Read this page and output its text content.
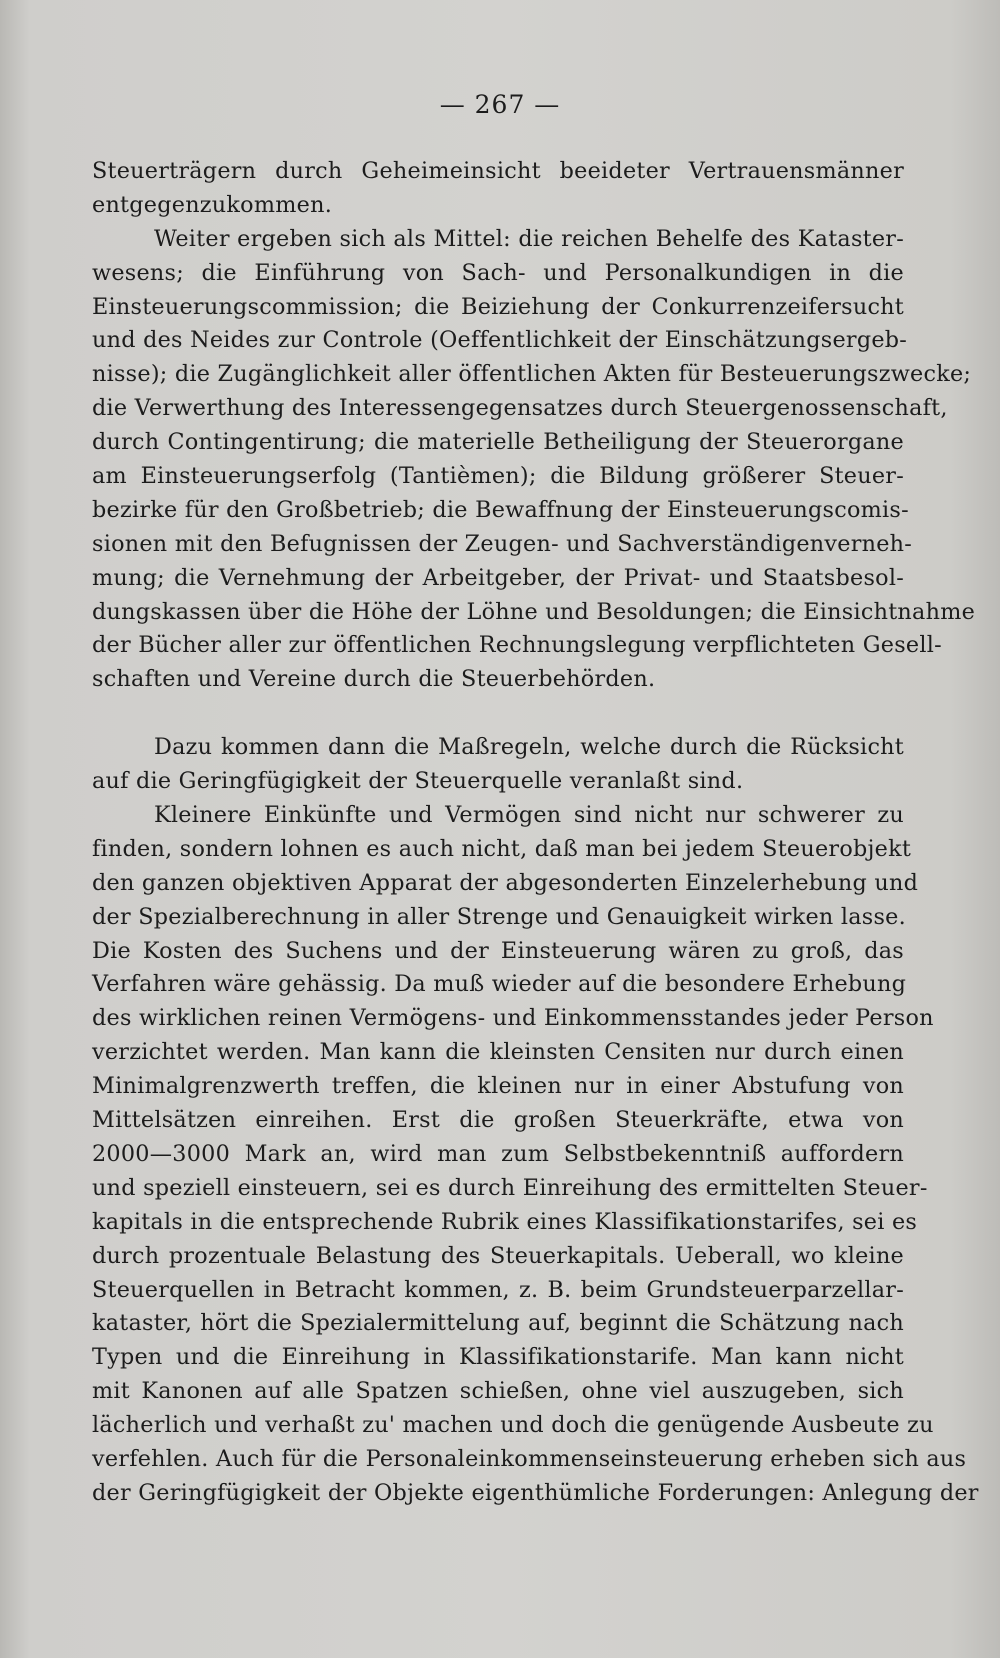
— 267 —
Steuerträgern durch Geheimeinsicht beeideter Vertrauensmänner
entgegenzukommen.
Weiter ergeben sich als Mittel: die reichen Behelfe des Kataster-
wesens; die Einführung von Sach- und Personalkundigen in die
Einsteuerungscommission; die Beiziehung der Conkurrenzeifersucht
und des Neides zur Controle (Oeffentlichkeit der Einschätzungsergeb-
nisse); die Zugänglichkeit aller öffentlichen Akten für Besteuerungszwecke;
die Verwerthung des Interessengegensatzes durch Steuergenossenschaft,
durch Contingentirung; die materielle Betheiligung der Steuerorgane
am Einsteuerungserfolg (Tantièmen); die Bildung größerer Steuer-
bezirke für den Großbetrieb; die Bewaffnung der Einsteuerungscomis-
sionen mit den Befugnissen der Zeugen- und Sachverständigenverneh-
mung; die Vernehmung der Arbeitgeber, der Privat- und Staatsbesol-
dungskassen über die Höhe der Löhne und Besoldungen; die Einsichtnahme
der Bücher aller zur öffentlichen Rechnungslegung verpflichteten Gesell-
schaften und Vereine durch die Steuerbehörden.
Dazu kommen dann die Maßregeln, welche durch die Rücksicht
auf die Geringfügigkeit der Steuerquelle veranlaßt sind.
Kleinere Einkünfte und Vermögen sind nicht nur schwerer zu
finden, sondern lohnen es auch nicht, daß man bei jedem Steuerobjekt
den ganzen objektiven Apparat der abgesonderten Einzelerhebung und
der Spezialberechnung in aller Strenge und Genauigkeit wirken lasse.
Die Kosten des Suchens und der Einsteuerung wären zu groß, das
Verfahren wäre gehässig. Da muß wieder auf die besondere Erhebung
des wirklichen reinen Vermögens- und Einkommensstandes jeder Person
verzichtet werden. Man kann die kleinsten Censiten nur durch einen
Minimalgrenzwerth treffen, die kleinen nur in einer Abstufung von
Mittelsätzen einreihen. Erst die großen Steuerkräfte, etwa von
2000—3000 Mark an, wird man zum Selbstbekenntniß auffordern
und speziell einsteuern, sei es durch Einreihung des ermittelten Steuer-
kapitals in die entsprechende Rubrik eines Klassifikationstarifes, sei es
durch prozentuale Belastung des Steuerkapitals. Ueberall, wo kleine
Steuerquellen in Betracht kommen, z. B. beim Grundsteuerparzellar-
kataster, hört die Spezialermittelung auf, beginnt die Schätzung nach
Typen und die Einreihung in Klassifikationstarife. Man kann nicht
mit Kanonen auf alle Spatzen schießen, ohne viel auszugeben, sich
lächerlich und verhaßt zu' machen und doch die genügende Ausbeute zu
verfehlen. Auch für die Personaleinkommenseinsteuerung erheben sich aus
der Geringfügigkeit der Objekte eigenthümliche Forderungen: Anlegung der
